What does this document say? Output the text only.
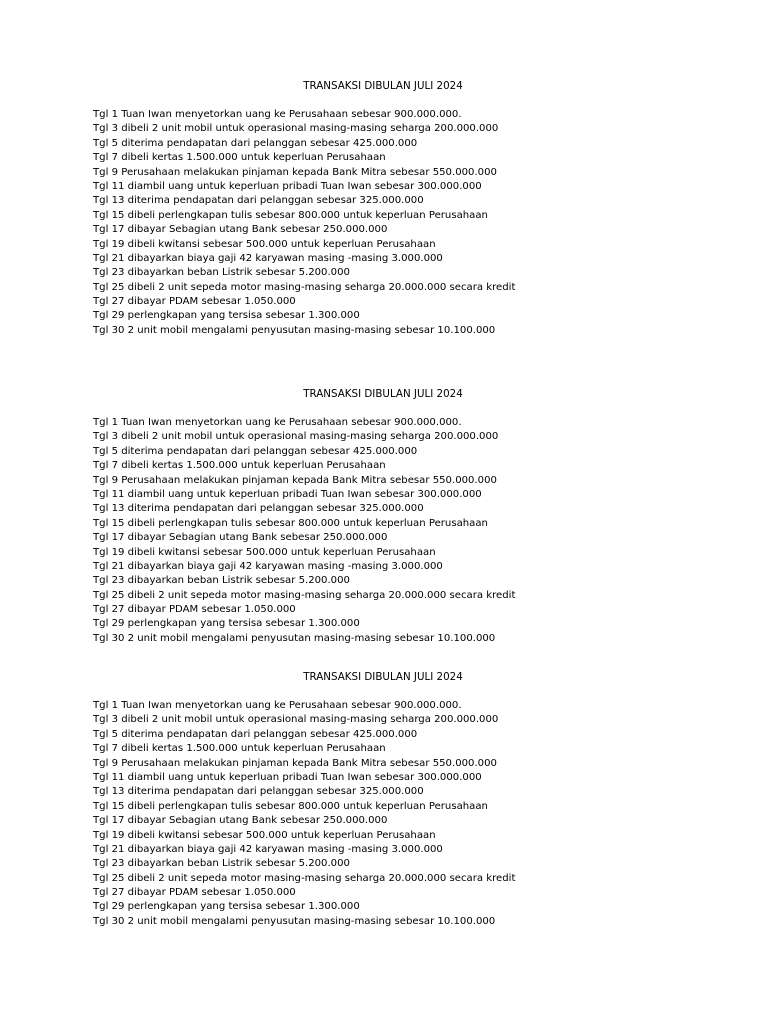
TRANSAKSI DIBULAN JULI 2024
Tgl 1 Tuan Iwan menyetorkan uang ke Perusahaan sebesar 900.000.000.
Tgl 3 dibeli 2 unit mobil untuk operasional masing-masing seharga 200.000.000
Tgl 5 diterima pendapatan dari pelanggan sebesar 425.000.000
Tgl 7 dibeli kertas 1.500.000 untuk keperluan Perusahaan
Tgl 9 Perusahaan melakukan pinjaman kepada Bank Mitra sebesar 550.000.000
Tgl 11 diambil uang untuk keperluan pribadi Tuan Iwan sebesar 300.000.000
Tgl 13 diterima pendapatan dari pelanggan sebesar 325.000.000
Tgl 15 dibeli perlengkapan tulis sebesar 800.000 untuk keperluan Perusahaan
Tgl 17 dibayar Sebagian utang Bank sebesar 250.000.000
Tgl 19 dibeli kwitansi sebesar 500.000 untuk keperluan Perusahaan
Tgl 21 dibayarkan biaya gaji 42 karyawan masing -masing 3.000.000
Tgl 23 dibayarkan beban Listrik sebesar 5.200.000
Tgl 25 dibeli 2 unit sepeda motor masing-masing seharga 20.000.000 secara kredit
Tgl 27 dibayar PDAM sebesar 1.050.000
Tgl 29 perlengkapan yang tersisa sebesar 1.300.000
Tgl 30 2 unit mobil mengalami penyusutan masing-masing sebesar 10.100.000
TRANSAKSI DIBULAN JULI 2024
Tgl 1 Tuan Iwan menyetorkan uang ke Perusahaan sebesar 900.000.000.
Tgl 3 dibeli 2 unit mobil untuk operasional masing-masing seharga 200.000.000
Tgl 5 diterima pendapatan dari pelanggan sebesar 425.000.000
Tgl 7 dibeli kertas 1.500.000 untuk keperluan Perusahaan
Tgl 9 Perusahaan melakukan pinjaman kepada Bank Mitra sebesar 550.000.000
Tgl 11 diambil uang untuk keperluan pribadi Tuan Iwan sebesar 300.000.000
Tgl 13 diterima pendapatan dari pelanggan sebesar 325.000.000
Tgl 15 dibeli perlengkapan tulis sebesar 800.000 untuk keperluan Perusahaan
Tgl 17 dibayar Sebagian utang Bank sebesar 250.000.000
Tgl 19 dibeli kwitansi sebesar 500.000 untuk keperluan Perusahaan
Tgl 21 dibayarkan biaya gaji 42 karyawan masing -masing 3.000.000
Tgl 23 dibayarkan beban Listrik sebesar 5.200.000
Tgl 25 dibeli 2 unit sepeda motor masing-masing seharga 20.000.000 secara kredit
Tgl 27 dibayar PDAM sebesar 1.050.000
Tgl 29 perlengkapan yang tersisa sebesar 1.300.000
Tgl 30 2 unit mobil mengalami penyusutan masing-masing sebesar 10.100.000
TRANSAKSI DIBULAN JULI 2024
Tgl 1 Tuan Iwan menyetorkan uang ke Perusahaan sebesar 900.000.000.
Tgl 3 dibeli 2 unit mobil untuk operasional masing-masing seharga 200.000.000
Tgl 5 diterima pendapatan dari pelanggan sebesar 425.000.000
Tgl 7 dibeli kertas 1.500.000 untuk keperluan Perusahaan
Tgl 9 Perusahaan melakukan pinjaman kepada Bank Mitra sebesar 550.000.000
Tgl 11 diambil uang untuk keperluan pribadi Tuan Iwan sebesar 300.000.000
Tgl 13 diterima pendapatan dari pelanggan sebesar 325.000.000
Tgl 15 dibeli perlengkapan tulis sebesar 800.000 untuk keperluan Perusahaan
Tgl 17 dibayar Sebagian utang Bank sebesar 250.000.000
Tgl 19 dibeli kwitansi sebesar 500.000 untuk keperluan Perusahaan
Tgl 21 dibayarkan biaya gaji 42 karyawan masing -masing 3.000.000
Tgl 23 dibayarkan beban Listrik sebesar 5.200.000
Tgl 25 dibeli 2 unit sepeda motor masing-masing seharga 20.000.000 secara kredit
Tgl 27 dibayar PDAM sebesar 1.050.000
Tgl 29 perlengkapan yang tersisa sebesar 1.300.000
Tgl 30 2 unit mobil mengalami penyusutan masing-masing sebesar 10.100.000
